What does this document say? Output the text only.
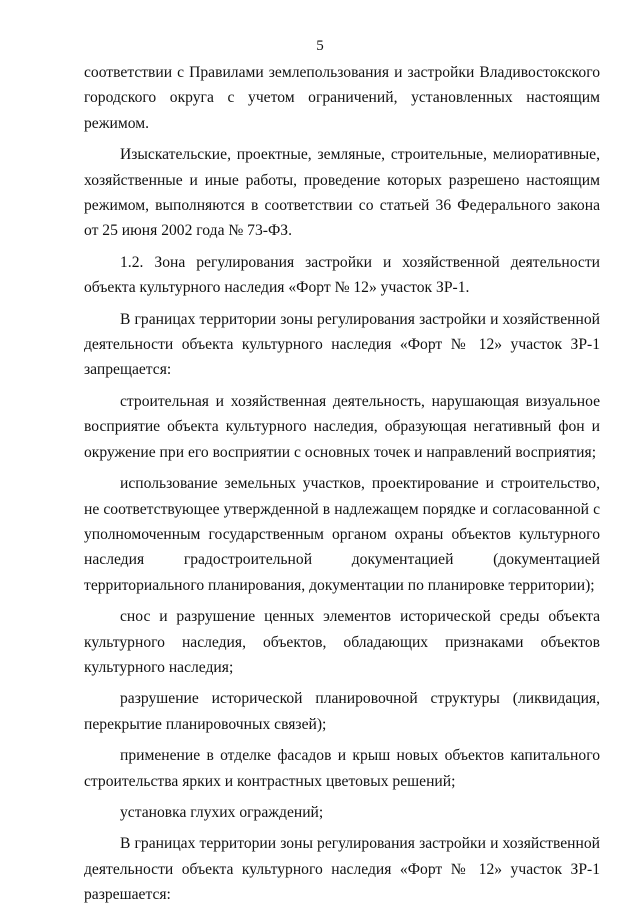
5

соответствии с Правилами землепользования и застройки Владивостокского городского округа с учетом ограничений, установленных настоящим режимом.

Изыскательские, проектные, земляные, строительные, мелиоративные, хозяйственные и иные работы, проведение которых разрешено настоящим режимом, выполняются в соответствии со статьей 36 Федерального закона от 25 июня 2002 года № 73-ФЗ.

1.2. Зона регулирования застройки и хозяйственной деятельности объекта культурного наследия «Форт № 12» участок ЗР-1.

В границах территории зоны регулирования застройки и хозяйственной деятельности объекта культурного наследия «Форт № 12» участок ЗР-1 запрещается:

строительная и хозяйственная деятельность, нарушающая визуальное восприятие объекта культурного наследия, образующая негативный фон и окружение при его восприятии с основных точек и направлений восприятия;

использование земельных участков, проектирование и строительство, не соответствующее утвержденной в надлежащем порядке и согласованной с уполномоченным государственным органом охраны объектов культурного наследия градостроительной документацией (документацией территориального планирования, документации по планировке территории);

снос и разрушение ценных элементов исторической среды объекта культурного наследия, объектов, обладающих признаками объектов культурного наследия;

разрушение исторической планировочной структуры (ликвидация, перекрытие планировочных связей);

применение в отделке фасадов и крыш новых объектов капитального строительства ярких и контрастных цветовых решений;

установка глухих ограждений;

В границах территории зоны регулирования застройки и хозяйственной деятельности объекта культурного наследия «Форт № 12» участок ЗР-1 разрешается:
